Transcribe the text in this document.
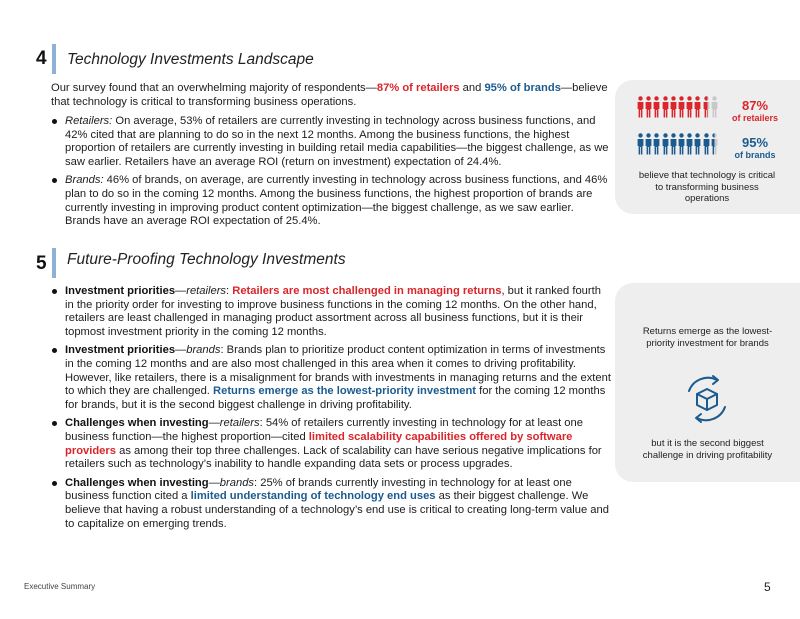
4 Technology Investments Landscape

Our survey found that an overwhelming majority of respondents—87% of retailers and 95% of brands—believe that technology is critical to transforming business operations.

Retailers: On average, 53% of retailers are currently investing in technology across business functions, and 42% cited that are planning to do so in the next 12 months. Among the business functions, the highest proportion of retailers are currently investing in building retail media capabilities—the biggest challenge, as we saw earlier. Retailers have an average ROI (return on investment) expectation of 24.4%.
Brands: 46% of brands, on average, are currently investing in technology across business functions, and 46% plan to do so in the coming 12 months. Among the business functions, the highest proportion of brands are currently investing in improving product content optimization—the biggest challenge, as we saw earlier. Brands have an average ROI expectation of 25.4%.
87%
of retailers
95%
of brands
believe that technology is critical to transforming business operations
5 Future-Proofing Technology Investments
Investment priorities—retailers: Retailers are most challenged in managing returns, but it ranked fourth in the priority order for investing to improve business functions in the coming 12 months. On the other hand, retailers are least challenged in managing product assortment across all business functions, but it is their topmost investment priority in the coming 12 months.
Investment priorities—brands: Brands plan to prioritize product content optimization in terms of investments in the coming 12 months and are also most challenged in this area when it comes to driving profitability. However, like retailers, there is a misalignment for brands with investments in managing returns and the extent to which they are challenged. Returns emerge as the lowest-priority investment for the coming 12 months for brands, but it is the second biggest challenge in driving profitability.
Challenges when investing—retailers: 54% of retailers currently investing in technology for at least one business function—the highest proportion—cited limited scalability capabilities offered by software providers as among their top three challenges. Lack of scalability can have serious negative implications for retailers such as technology’s inability to handle expanding data sets or process upgrades.
Challenges when investing—brands: 25% of brands currently investing in technology for at least one business function cited a limited understanding of technology end uses as their biggest challenge. We believe that having a robust understanding of a technology’s end use is critical to creating long-term value and to capitalize on emerging trends.
Returns emerge as the lowest-priority investment for brands
but it is the second biggest challenge in driving profitability
Executive Summary	5
